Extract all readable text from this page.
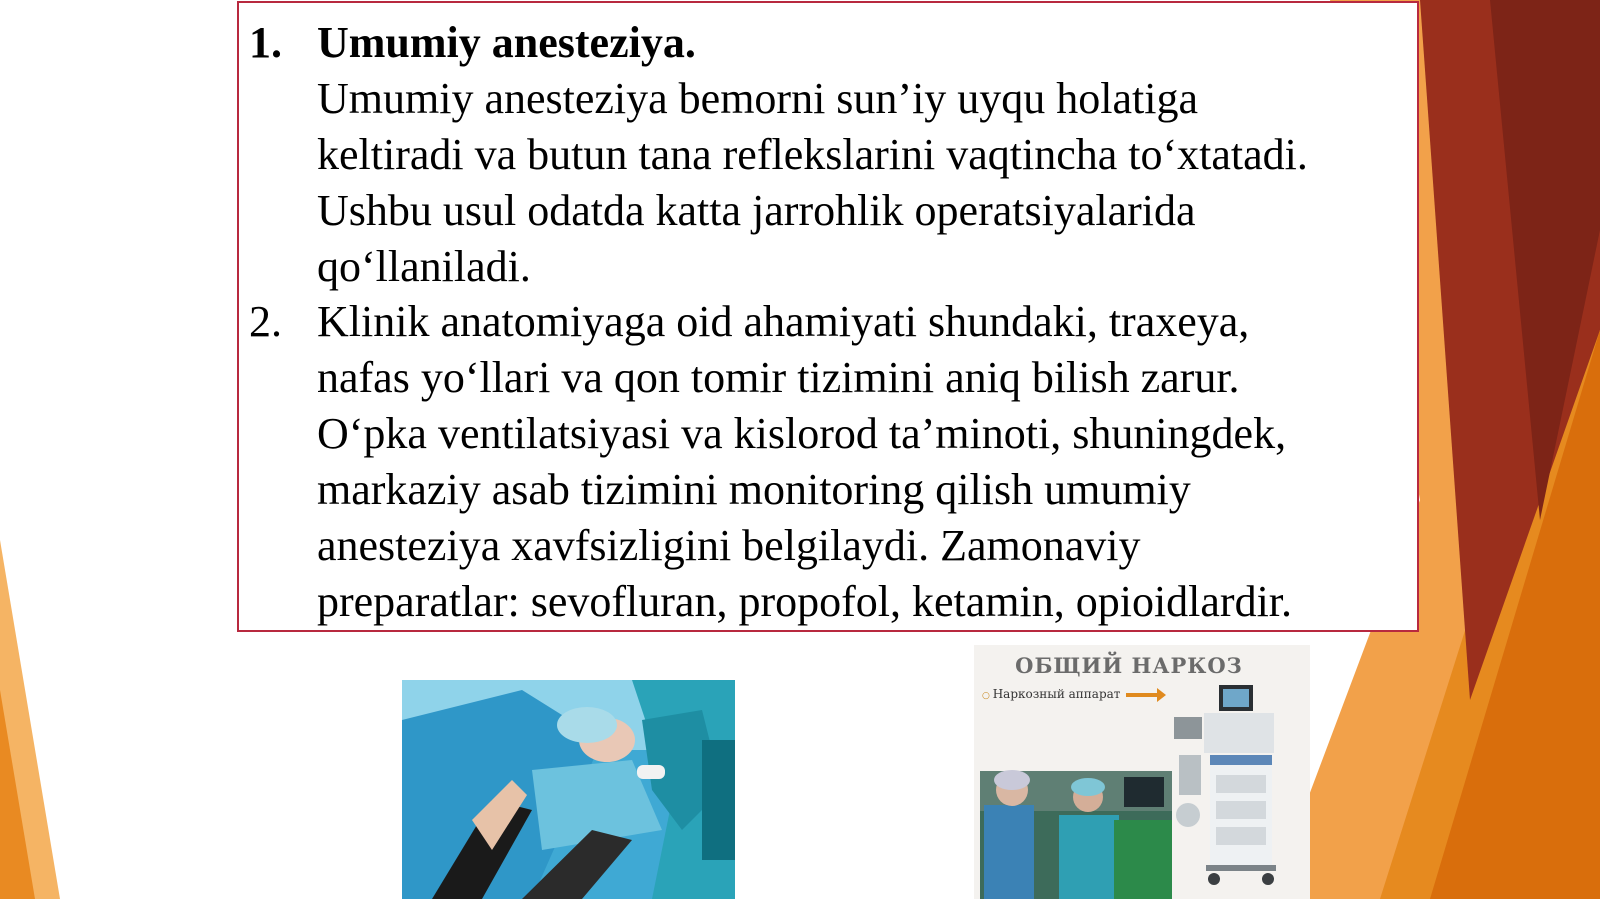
1. Umumiy anesteziya.
Umumiy anesteziya bemorni sun’iy uyqu holatiga
keltiradi va butun tana reflekslarini vaqtincha to‘xtatadi.
Ushbu usul odatda katta jarrohlik operatsiyalarida
qo‘llaniladi.
2. Klinik anatomiyaga oid ahamiyati shundaki, traxeya,
nafas yo‘llari va qon tomir tizimini aniq bilish zarur.
O‘pka ventilatsiyasi va kislorod ta’minoti, shuningdek,
markaziy asab tizimini monitoring qilish umumiy
anesteziya xavfsizligini belgilaydi. Zamonaviy
preparatlar: sevofluran, propofol, ketamin, opioidlardir.
ОБЩИЙ НАРКОЗ
○ Наркозный аппарат
